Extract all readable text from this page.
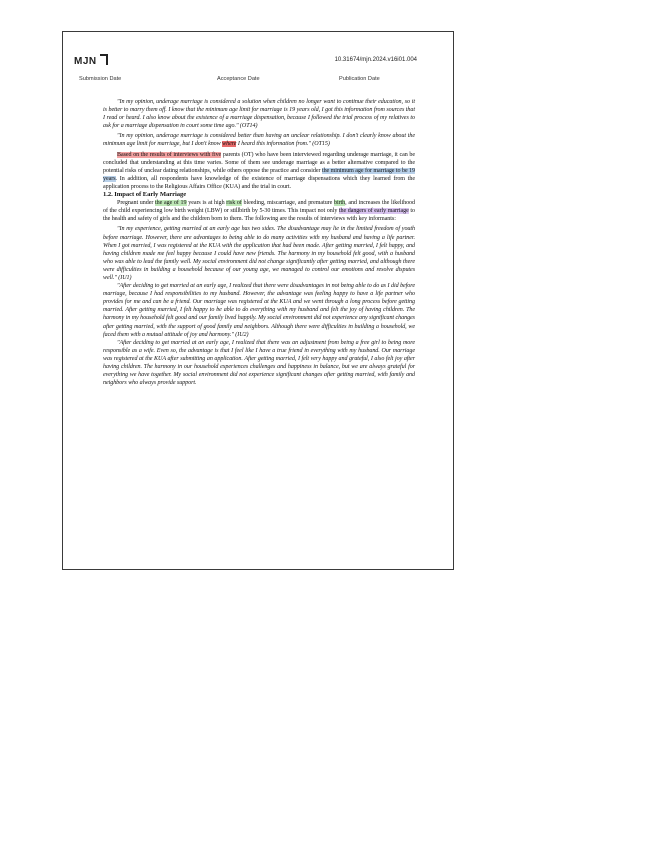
MJN	10.31674/mjn.2024.v16i01.004
Submission Date	Acceptance Date	Publication Date

"In my opinion, underage marriage is considered a solution when children no longer want to continue their education, so it is better to marry them off. I know that the minimum age limit for marriage is 19 years old, I got this information from sources that I read or heard. I also know about the existence of a marriage dispensation, because I followed the trial process of my relatives to ask for a marriage dispensation in court some time ago." (OT14)

"In my opinion, underage marriage is considered better than having an unclear relationship. I don't clearly know about the minimum age limit for marriage, but I don't know where I heard this information from." (OT15)

Based on the results of interviews with five parents (OT) who have been interviewed regarding underage marriage, it can be concluded that understanding at this time varies. Some of them see underage marriage as a better alternative compared to the potential risks of unclear dating relationships, while others oppose the practice and consider the minimum age for marriage to be 19 years. In addition, all respondents have knowledge of the existence of marriage dispensations which they learned from the application process to the Religious Affairs Office (KUA) and the trial in court.

1.2. Impact of Early Marriage

Pregnant under the age of 19 years is at high risk of bleeding, miscarriage, and premature birth, and increases the likelihood of the child experiencing low birth weight (LBW) or stillbirth by 5-30 times. This impact not only the dangers of early marriage to the health and safety of girls and the children born to them. The following are the results of interviews with key informants:

"In my experience, getting married at an early age has two sides. The disadvantage may lie in the limited freedom of youth before marriage. However, there are advantages to being able to do many activities with my husband and having a life partner. When I got married, I was registered at the KUA with the application that had been made. After getting married, I felt happy, and having children made me feel happy because I could have new friends. The harmony in my household felt good, with a husband who was able to lead the family well. My social environment did not change significantly after getting married, and although there were difficulties in building a household because of our young age, we managed to control our emotions and resolve disputes well." (IU1)

"After deciding to get married at an early age, I realized that there were disadvantages in not being able to do as I did before marriage, because I had responsibilities to my husband. However, the advantage was feeling happy to have a life partner who provides for me and can be a friend. Our marriage was registered at the KUA and we went through a long process before getting married. After getting married, I felt happy to be able to do everything with my husband and felt the joy of having children. The harmony in my household felt good and our family lived happily. My social environment did not experience any significant changes after getting married, with the support of good family and neighbors. Although there were difficulties in building a household, we faced them with a mutual attitude of joy and harmony." (IU2)

"After deciding to get married at an early age, I realized that there was an adjustment from being a free girl to being more responsible as a wife. Even so, the advantage is that I feel like I have a true friend in everything with my husband. Our marriage was registered at the KUA after submitting an application. After getting married, I felt very happy and grateful, I also felt joy after having children. The harmony in our household experiences challenges and happiness in balance, but we are always grateful for everything we have together. My social environment did not experience significant changes after getting married, with family and neighbors who always provide support.
